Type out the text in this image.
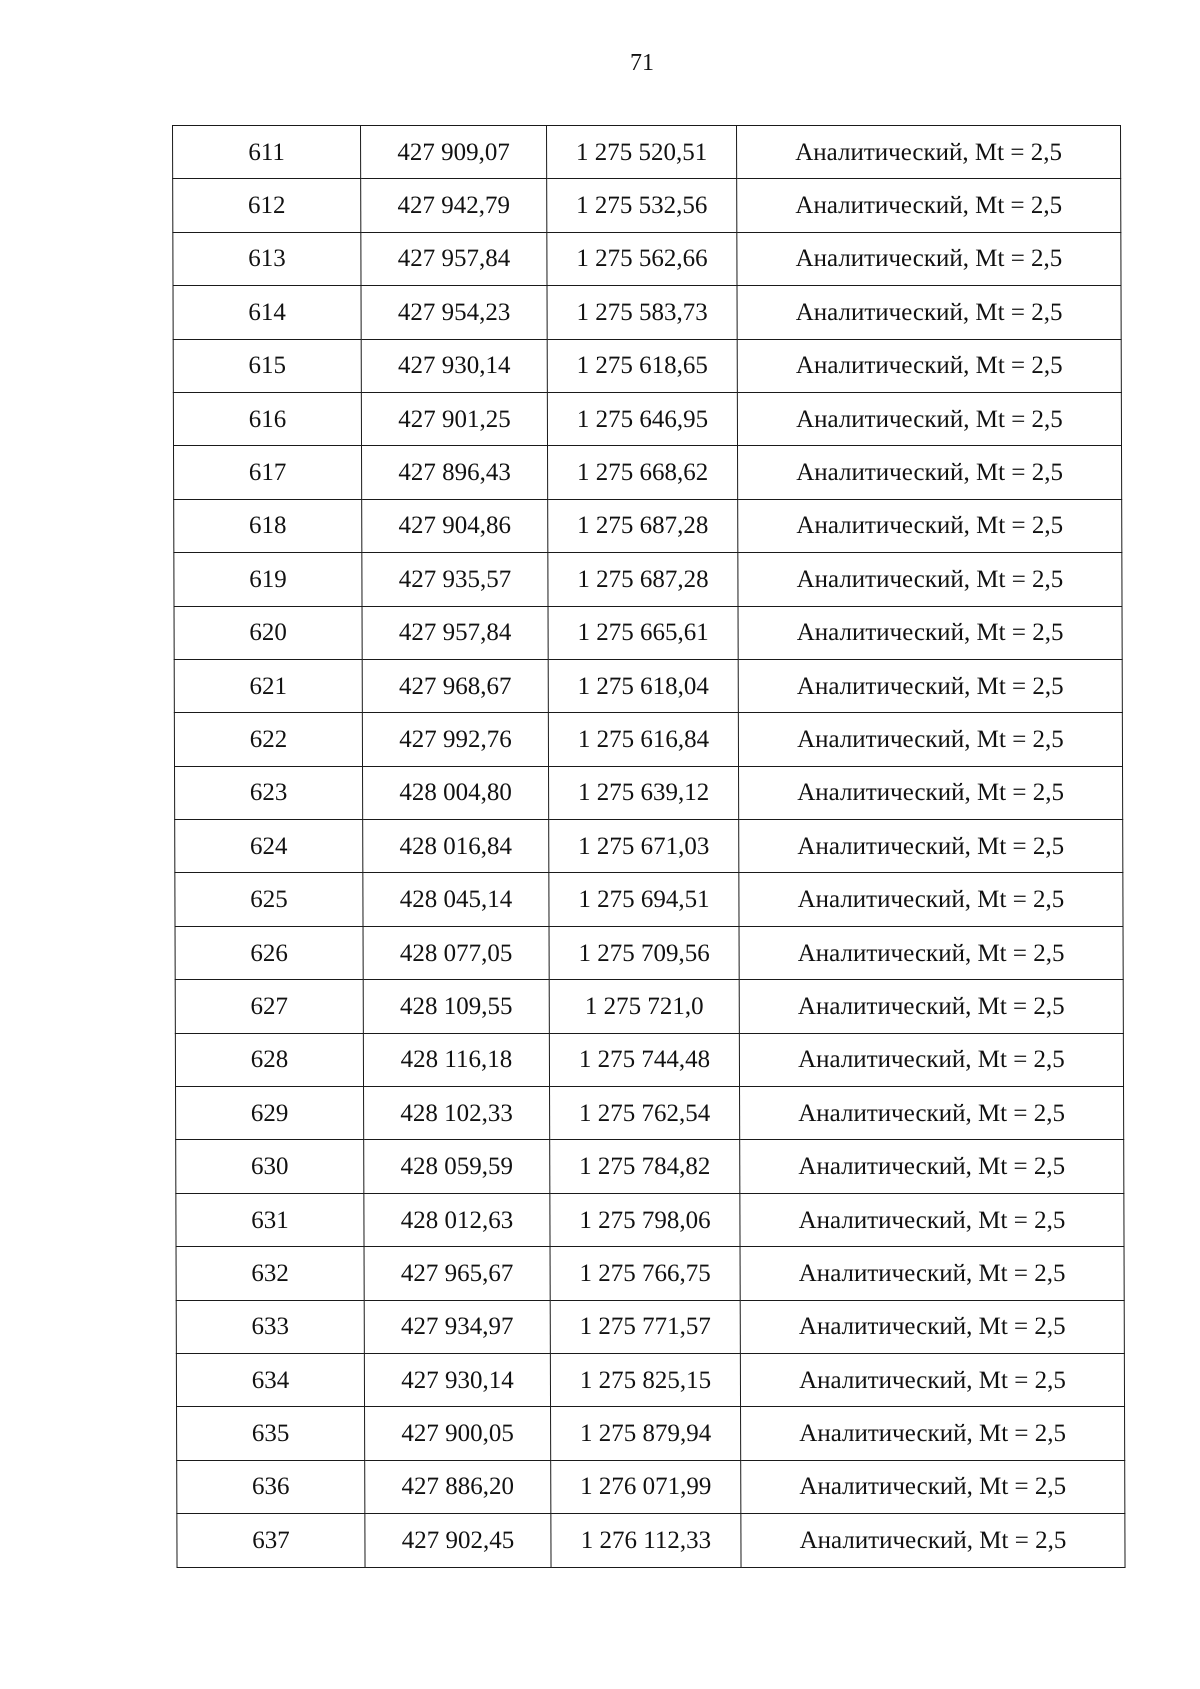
71
611	427 909,07	1 275 520,51	Аналитический, Mt = 2,5
612	427 942,79	1 275 532,56	Аналитический, Mt = 2,5
613	427 957,84	1 275 562,66	Аналитический, Mt = 2,5
614	427 954,23	1 275 583,73	Аналитический, Mt = 2,5
615	427 930,14	1 275 618,65	Аналитический, Mt = 2,5
616	427 901,25	1 275 646,95	Аналитический, Mt = 2,5
617	427 896,43	1 275 668,62	Аналитический, Mt = 2,5
618	427 904,86	1 275 687,28	Аналитический, Mt = 2,5
619	427 935,57	1 275 687,28	Аналитический, Mt = 2,5
620	427 957,84	1 275 665,61	Аналитический, Mt = 2,5
621	427 968,67	1 275 618,04	Аналитический, Mt = 2,5
622	427 992,76	1 275 616,84	Аналитический, Mt = 2,5
623	428 004,80	1 275 639,12	Аналитический, Mt = 2,5
624	428 016,84	1 275 671,03	Аналитический, Mt = 2,5
625	428 045,14	1 275 694,51	Аналитический, Mt = 2,5
626	428 077,05	1 275 709,56	Аналитический, Mt = 2,5
627	428 109,55	1 275 721,0	Аналитический, Mt = 2,5
628	428 116,18	1 275 744,48	Аналитический, Mt = 2,5
629	428 102,33	1 275 762,54	Аналитический, Mt = 2,5
630	428 059,59	1 275 784,82	Аналитический, Mt = 2,5
631	428 012,63	1 275 798,06	Аналитический, Mt = 2,5
632	427 965,67	1 275 766,75	Аналитический, Mt = 2,5
633	427 934,97	1 275 771,57	Аналитический, Mt = 2,5
634	427 930,14	1 275 825,15	Аналитический, Mt = 2,5
635	427 900,05	1 275 879,94	Аналитический, Mt = 2,5
636	427 886,20	1 276 071,99	Аналитический, Mt = 2,5
637	427 902,45	1 276 112,33	Аналитический, Mt = 2,5
